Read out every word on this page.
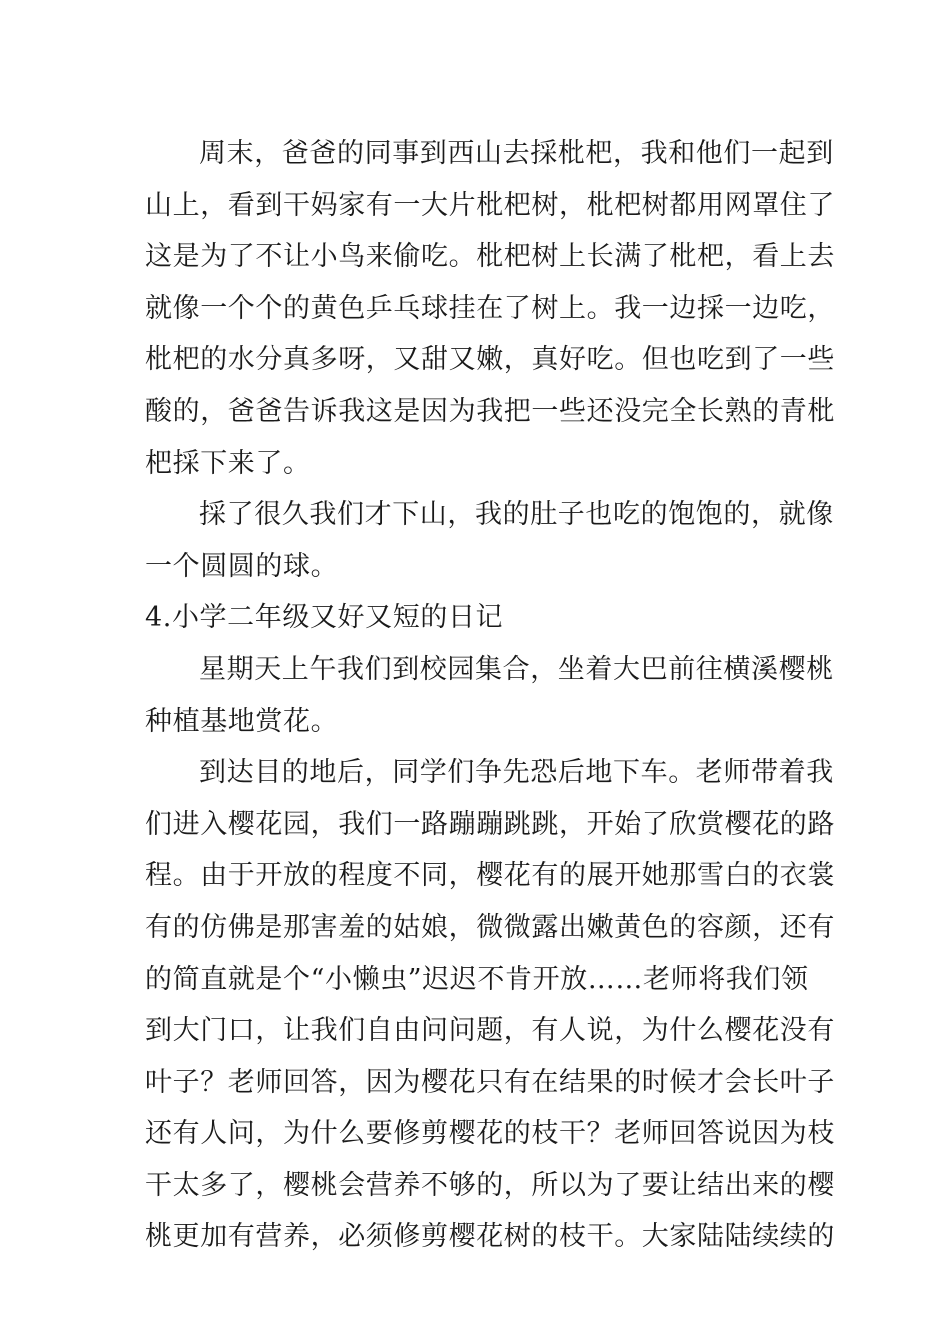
周末，爸爸的同事到西山去採枇杷，我和他们一起到
山上，看到干妈家有一大片枇杷树，枇杷树都用网罩住了
这是为了不让小鸟来偷吃。枇杷树上长满了枇杷，看上去
就像一个个的黄色乒乓球挂在了树上。我一边採一边吃，
枇杷的水分真多呀，又甜又嫩，真好吃。但也吃到了一些
酸的，爸爸告诉我这是因为我把一些还没完全长熟的青枇
杷採下来了。
採了很久我们才下山，我的肚子也吃的饱饱的，就像
一个圆圆的球。
4.小学二年级又好又短的日记
星期天上午我们到校园集合，坐着大巴前往横溪樱桃
种植基地赏花。
到达目的地后，同学们争先恐后地下车。老师带着我
们进入樱花园，我们一路蹦蹦跳跳，开始了欣赏樱花的路
程。由于开放的程度不同，樱花有的展开她那雪白的衣裳
有的仿佛是那害羞的姑娘，微微露出嫩黄色的容颜，还有
的简直就是个“小懒虫”迟迟不肯开放……老师将我们领
到大门口，让我们自由问问题，有人说，为什么樱花没有
叶子？老师回答，因为樱花只有在结果的时候才会长叶子
还有人问，为什么要修剪樱花的枝干？老师回答说因为枝
干太多了，樱桃会营养不够的，所以为了要让结出来的樱
桃更加有营养，必须修剪樱花树的枝干。大家陆陆续续的
